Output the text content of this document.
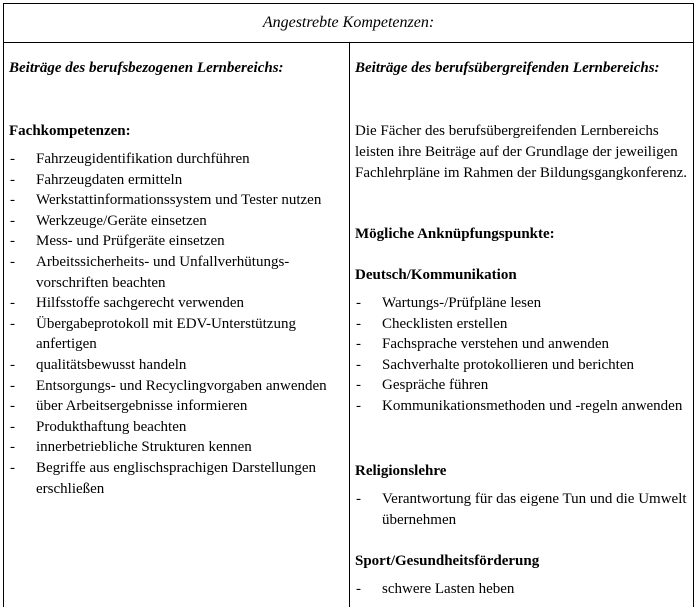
Angestrebte Kompetenzen:
Beiträge des berufsbezogenen Lernbereichs:
Fachkompetenzen:
- Fahrzeugidentifikation durchführen
- Fahrzeugdaten ermitteln
- Werkstattinformationssystem und Tester nutzen
- Werkzeuge/Geräte einsetzen
- Mess- und Prüfgeräte einsetzen
- Arbeitssicherheits- und Unfallverhütungsvorschriften beachten
- Hilfsstoffe sachgerecht verwenden
- Übergabeprotokoll mit EDV-Unterstützung anfertigen
- qualitätsbewusst handeln
- Entsorgungs- und Recyclingvorgaben anwenden
- über Arbeitsergebnisse informieren
- Produkthaftung beachten
- innerbetriebliche Strukturen kennen
- Begriffe aus englischsprachigen Darstellungen erschließen
Beiträge des berufsübergreifenden Lernbereichs:
Die Fächer des berufsübergreifenden Lernbereichs leisten ihre Beiträge auf der Grundlage der jeweiligen Fachlehrpläne im Rahmen der Bildungsgangkonferenz.
Mögliche Anknüpfungspunkte:
Deutsch/Kommunikation
- Wartungs-/Prüfpläne lesen
- Checklisten erstellen
- Fachsprache verstehen und anwenden
- Sachverhalte protokollieren und berichten
- Gespräche führen
- Kommunikationsmethoden und -regeln anwenden
Religionslehre
- Verantwortung für das eigene Tun und die Umwelt übernehmen
Sport/Gesundheitsförderung
- schwere Lasten heben
